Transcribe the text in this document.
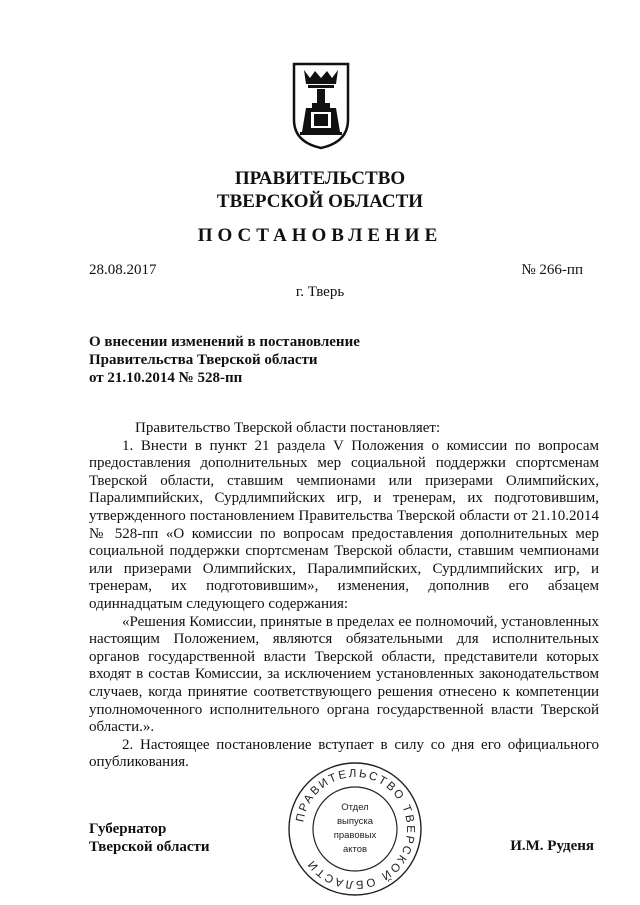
ПРАВИТЕЛЬСТВО
ТВЕРСКОЙ ОБЛАСТИ
ПОСТАНОВЛЕНИЕ
28.08.2017	№ 266-пп
г. Тверь
О внесении изменений в постановление
Правительства Тверской области
от 21.10.2014 № 528-пп

Правительство Тверской области постановляет:

1. Внести в пункт 21 раздела V Положения о комиссии по вопросам предоставления дополнительных мер социальной поддержки спортсменам Тверской области, ставшим чемпионами или призерами Олимпийских, Паралимпийских, Сурдлимпийских игр, и тренерам, их подготовившим, утвержденного постановлением Правительства Тверской области от 21.10.2014 № 528-пп «О комиссии по вопросам предоставления дополнительных мер социальной поддержки спортсменам Тверской области, ставшим чемпионами или призерами Олимпийских, Паралимпийских, Сурдлимпийских игр, и тренерам, их подготовившим», изменения, дополнив его абзацем одиннадцатым следующего содержания:

«Решения Комиссии, принятые в пределах ее полномочий, установленных настоящим Положением, являются обязательными для исполнительных органов государственной власти Тверской области, представители которых входят в состав Комиссии, за исключением установленных законодательством случаев, когда принятие соответствующего решения отнесено к компетенции уполномоченного исполнительного органа государственной власти Тверской области.».

2. Настоящее постановление вступает в силу со дня его официального опубликования.

Губернатор
Тверской области	И.М. Руденя
ПРАВИТЕЛЬСТВО ТВЕРСКОЙ ОБЛАСТИ
Отдел
выпуска
правовых
актов
